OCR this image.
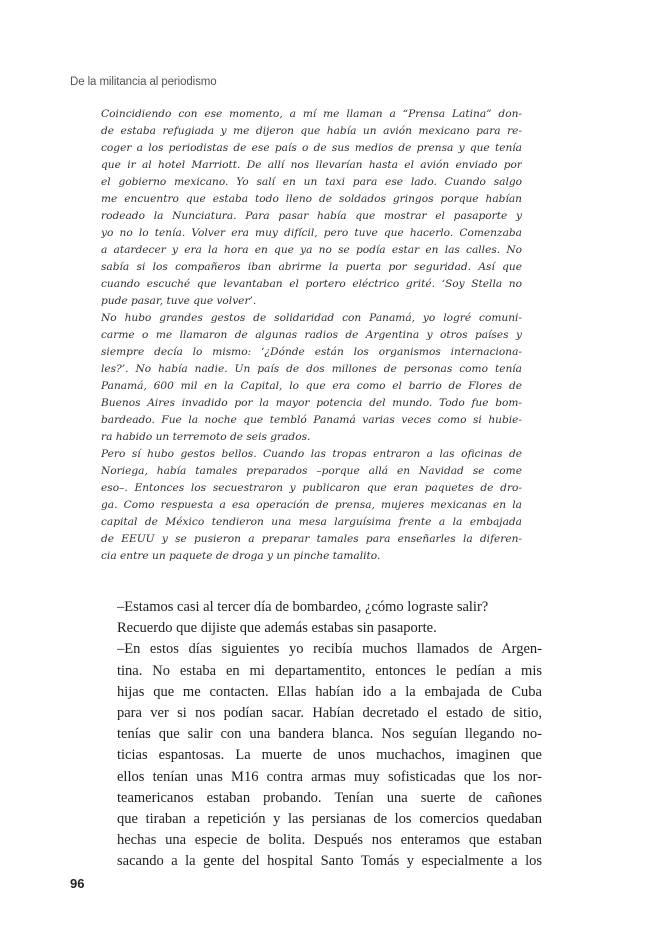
De la militancia al periodismo
Coincidiendo con ese momento, a mí me llaman a “Prensa Latina” don-
de estaba refugiada y me dijeron que había un avión mexicano para re-
coger a los periodistas de ese país o de sus medios de prensa y que tenía
que ir al hotel Marriott. De allí nos llevarían hasta el avión enviado por
el gobierno mexicano. Yo salí en un taxi para ese lado. Cuando salgo
me encuentro que estaba todo lleno de soldados gringos porque habían
rodeado la Nunciatura. Para pasar había que mostrar el pasaporte y
yo no lo tenía. Volver era muy difícil, pero tuve que hacerlo. Comenzaba
a atardecer y era la hora en que ya no se podía estar en las calles. No
sabía si los compañeros iban abrirme la puerta por seguridad. Así que
cuando escuché que levantaban el portero eléctrico grité. ‘Soy Stella no
pude pasar, tuve que volver’.
No hubo grandes gestos de solidaridad con Panamá, yo logré comuni-
carme o me llamaron de algunas radios de Argentina y otros países y
siempre decía lo mismo: ‘¿Dónde están los organismos internaciona-
les?’. No había nadie. Un país de dos millones de personas como tenía
Panamá, 600 mil en la Capital, lo que era como el barrio de Flores de
Buenos Aires invadido por la mayor potencia del mundo. Todo fue bom-
bardeado. Fue la noche que tembló Panamá varias veces como si hubie-
ra habido un terremoto de seis grados.
Pero sí hubo gestos bellos. Cuando las tropas entraron a las oficinas de
Noriega, había tamales preparados –porque allá en Navidad se come
eso–. Entonces los secuestraron y publicaron que eran paquetes de dro-
ga. Como respuesta a esa operación de prensa, mujeres mexicanas en la
capital de México tendieron una mesa larguísima frente a la embajada
de EEUU y se pusieron a preparar tamales para enseñarles la diferen-
cia entre un paquete de droga y un pinche tamalito.
–Estamos casi al tercer día de bombardeo, ¿cómo lograste salir?
Recuerdo que dijiste que además estabas sin pasaporte.
–En estos días siguientes yo recibía muchos llamados de Argen-
tina. No estaba en mi departamentito, entonces le pedían a mis
hijas que me contacten. Ellas habían ido a la embajada de Cuba
para ver si nos podían sacar. Habían decretado el estado de sitio,
tenías que salir con una bandera blanca. Nos seguían llegando no-
ticias espantosas. La muerte de unos muchachos, imaginen que
ellos tenían unas M16 contra armas muy sofisticadas que los nor-
teamericanos estaban probando. Tenían una suerte de cañones
que tiraban a repetición y las persianas de los comercios quedaban
hechas una especie de bolita. Después nos enteramos que estaban
sacando a la gente del hospital Santo Tomás y especialmente a los
96
